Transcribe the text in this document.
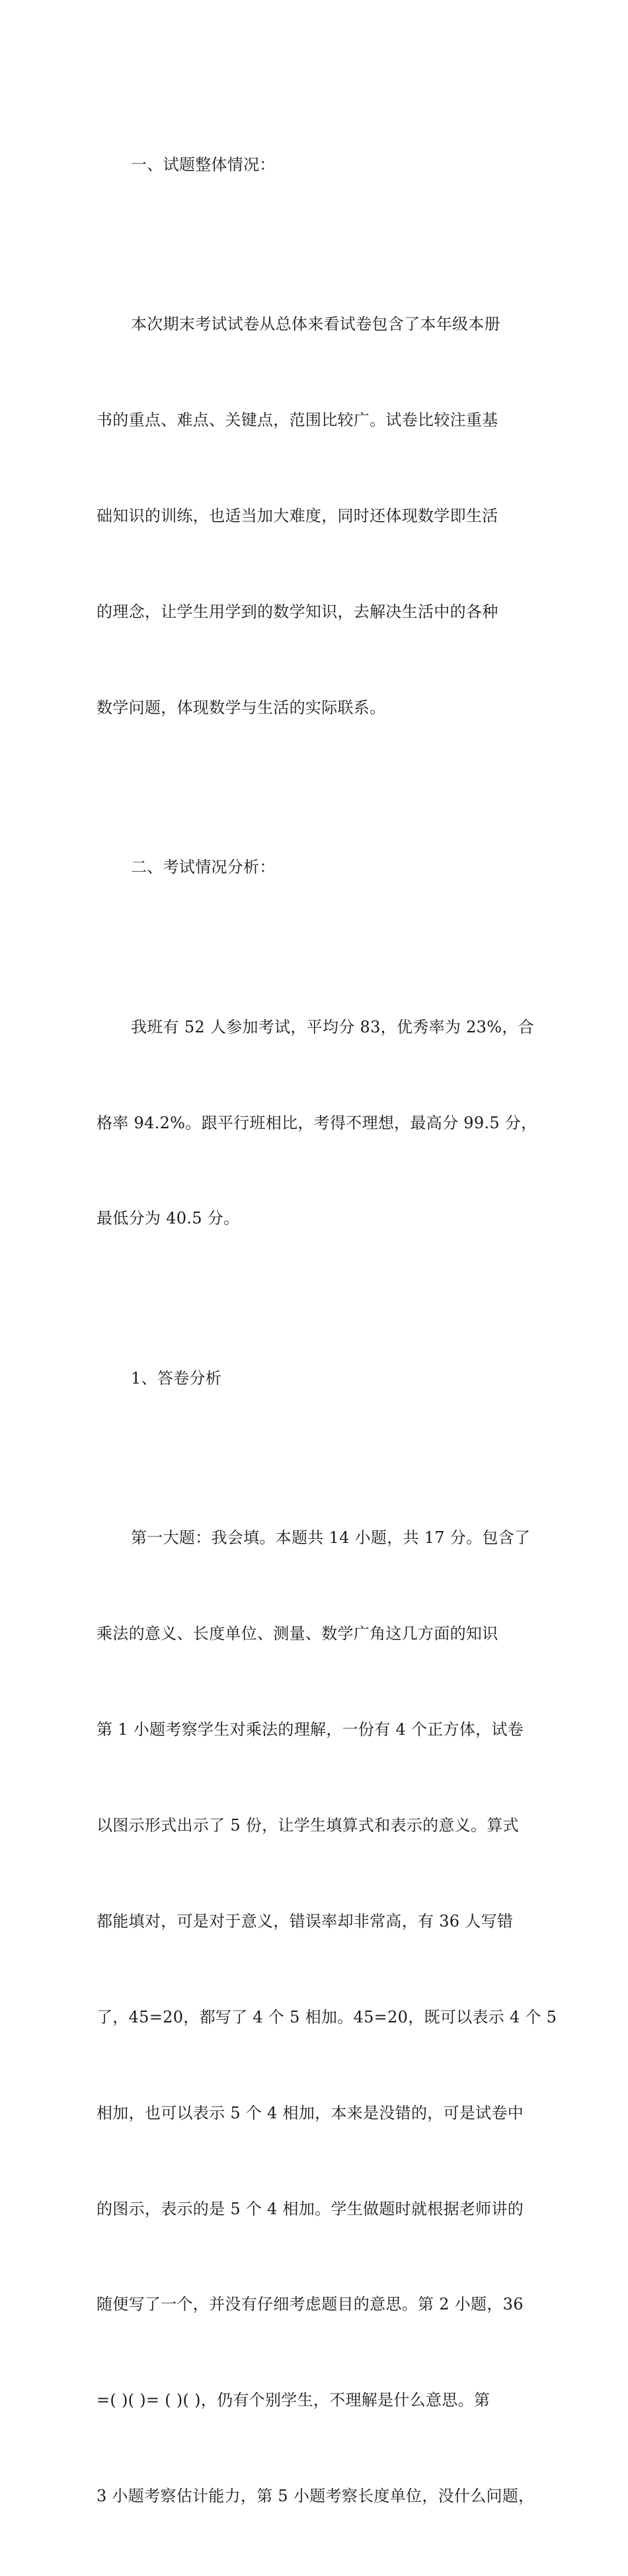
一、试题整体情况：

本次期末考试试卷从总体来看试卷包含了本年级本册

书的重点、难点、关键点，范围比较广。试卷比较注重基

础知识的训练，也适当加大难度，同时还体现数学即生活

的理念，让学生用学到的数学知识，去解决生活中的各种

数学问题，体现数学与生活的实际联系。

二、考试情况分析：

我班有 52 人参加考试，平均分 83，优秀率为 23%，合

格率 94.2%。跟平行班相比，考得不理想，最高分 99.5 分，

最低分为 40.5 分。

1、答卷分析

第一大题：我会填。本题共 14 小题，共 17 分。包含了

乘法的意义、长度单位、测量、数学广角这几方面的知识

第 1 小题考察学生对乘法的理解，一份有 4 个正方体，试卷

以图示形式出示了 5 份，让学生填算式和表示的意义。算式

都能填对，可是对于意义，错误率却非常高，有 36 人写错

了，45=20，都写了 4 个 5 相加。45=20，既可以表示 4 个 5

相加，也可以表示 5 个 4 相加，本来是没错的，可是试卷中

的图示，表示的是 5 个 4 相加。学生做题时就根据老师讲的

随便写了一个，并没有仔细考虑题目的意思。第 2 小题，36

=( )( )= ( )( )，仍有个别学生，不理解是什么意思。第

3 小题考察估计能力，第 5 小题考察长度单位，没什么问题，
